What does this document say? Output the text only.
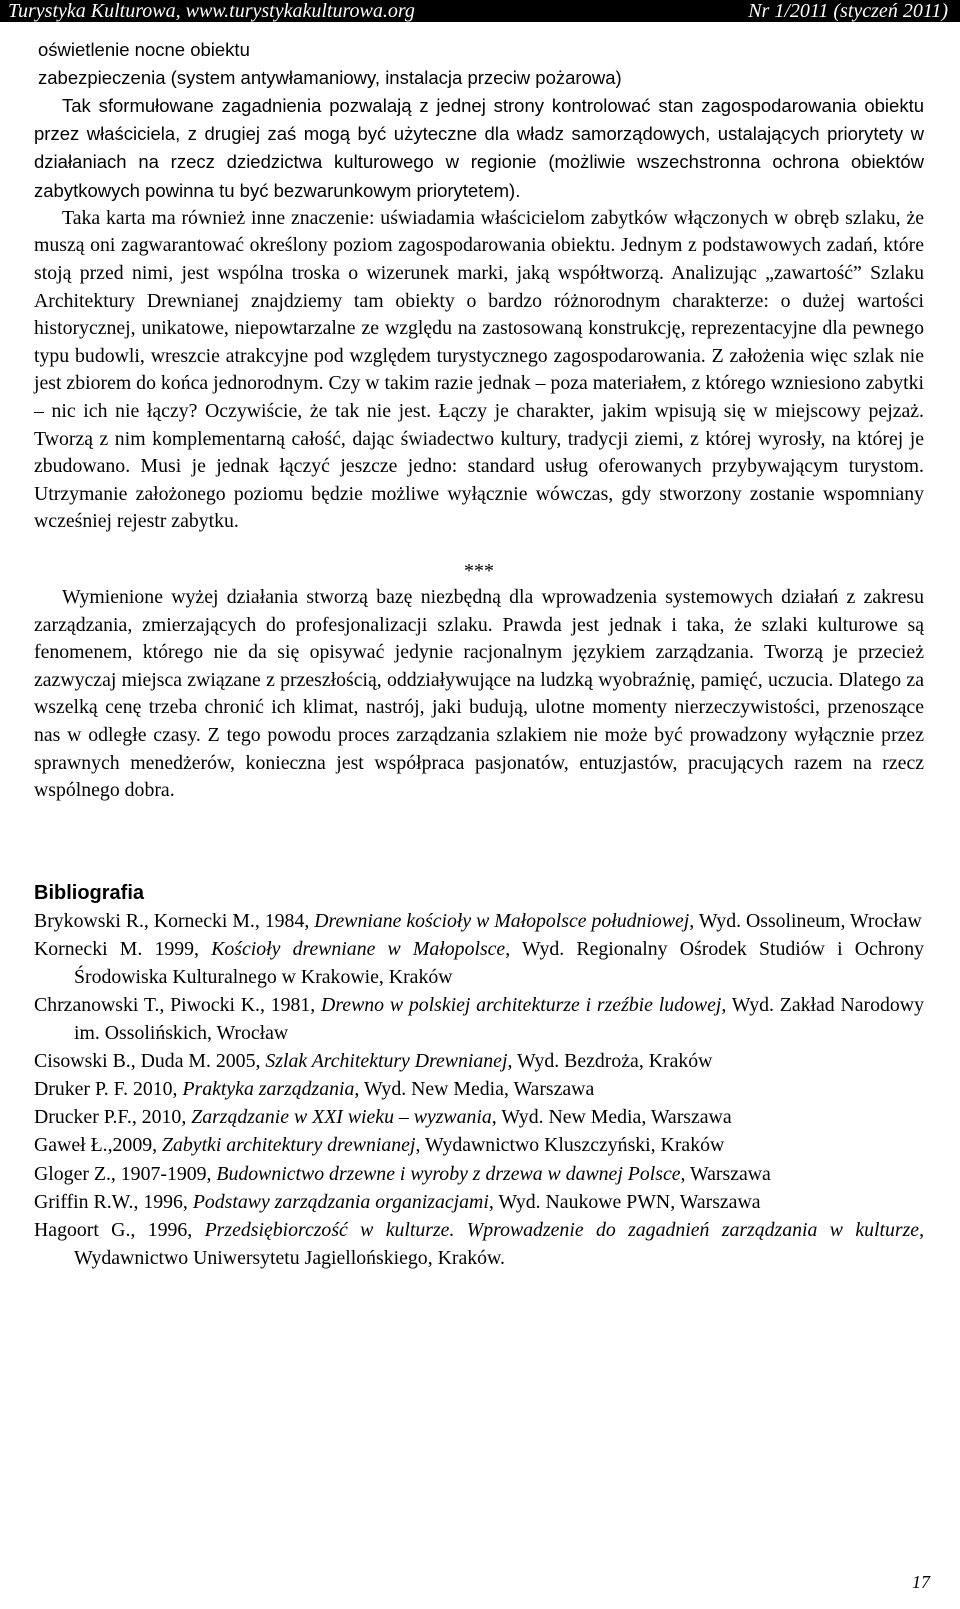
Turystyka Kulturowa, www.turystykakulturowa.org	Nr 1/2011 (styczeń 2011)
oświetlenie nocne obiektu
zabezpieczenia (system antywłamaniowy, instalacja przeciw pożarowa)

Tak sformułowane zagadnienia pozwalają z jednej strony kontrolować stan zagospodarowania obiektu przez właściciela, z drugiej zaś mogą być użyteczne dla władz samorządowych, ustalających priorytety w działaniach na rzecz dziedzictwa kulturowego w regionie (możliwie wszechstronna ochrona obiektów zabytkowych powinna tu być bezwarunkowym priorytetem).

Taka karta ma również inne znaczenie: uświadamia właścicielom zabytków włączonych w obręb szlaku, że muszą oni zagwarantować określony poziom zagospodarowania obiektu. Jednym z podstawowych zadań, które stoją przed nimi, jest wspólna troska o wizerunek marki, jaką współtworzą. Analizując „zawartość” Szlaku Architektury Drewnianej znajdziemy tam obiekty o bardzo różnorodnym charakterze: o dużej wartości historycznej, unikatowe, niepowtarzalne ze względu na zastosowaną konstrukcję, reprezentacyjne dla pewnego typu budowli, wreszcie atrakcyjne pod względem turystycznego zagospodarowania. Z założenia więc szlak nie jest zbiorem do końca jednorodnym. Czy w takim razie jednak – poza materiałem, z którego wzniesiono zabytki – nic ich nie łączy? Oczywiście, że tak nie jest. Łączy je charakter, jakim wpisują się w miejscowy pejzaż. Tworzą z nim komplementarną całość, dając świadectwo kultury, tradycji ziemi, z której wyrosły, na której je zbudowano. Musi je jednak łączyć jeszcze jedno: standard usług oferowanych przybywającym turystom. Utrzymanie założonego poziomu będzie możliwe wyłącznie wówczas, gdy stworzony zostanie wspomniany wcześniej rejestr zabytku.

***

Wymienione wyżej działania stworzą bazę niezbędną dla wprowadzenia systemowych działań z zakresu zarządzania, zmierzających do profesjonalizacji szlaku. Prawda jest jednak i taka, że szlaki kulturowe są fenomenem, którego nie da się opisywać jedynie racjonalnym językiem zarządzania. Tworzą je przecież zazwyczaj miejsca związane z przeszłością, oddziaływujące na ludzką wyobraźnię, pamięć, uczucia. Dlatego za wszelką cenę trzeba chronić ich klimat, nastrój, jaki budują, ulotne momenty nierzeczywistości, przenoszące nas w odległe czasy. Z tego powodu proces zarządzania szlakiem nie może być prowadzony wyłącznie przez sprawnych menedżerów, konieczna jest współpraca pasjonatów, entuzjastów, pracujących razem na rzecz wspólnego dobra.

Bibliografia
Brykowski R., Kornecki M., 1984, Drewniane kościoły w Małopolsce południowej, Wyd. Ossolineum, Wrocław
Kornecki M. 1999, Kościoły drewniane w Małopolsce, Wyd. Regionalny Ośrodek Studiów i Ochrony Środowiska Kulturalnego w Krakowie, Kraków
Chrzanowski T., Piwocki K., 1981, Drewno w polskiej architekturze i rzeźbie ludowej, Wyd. Zakład Narodowy im. Ossolińskich, Wrocław
Cisowski B., Duda M. 2005, Szlak Architektury Drewnianej, Wyd. Bezdroża, Kraków
Druker P. F. 2010, Praktyka zarządzania, Wyd. New Media, Warszawa
Drucker P.F., 2010, Zarządzanie w XXI wieku – wyzwania, Wyd. New Media, Warszawa
Gaweł Ł.,2009, Zabytki architektury drewnianej, Wydawnictwo Kluszczyński, Kraków
Gloger Z., 1907-1909, Budownictwo drzewne i wyroby z drzewa w dawnej Polsce, Warszawa
Griffin R.W., 1996, Podstawy zarządzania organizacjami, Wyd. Naukowe PWN, Warszawa
Hagoort G., 1996, Przedsiębiorczość w kulturze. Wprowadzenie do zagadnień zarządzania w kulturze, Wydawnictwo Uniwersytetu Jagiellońskiego, Kraków.
17
